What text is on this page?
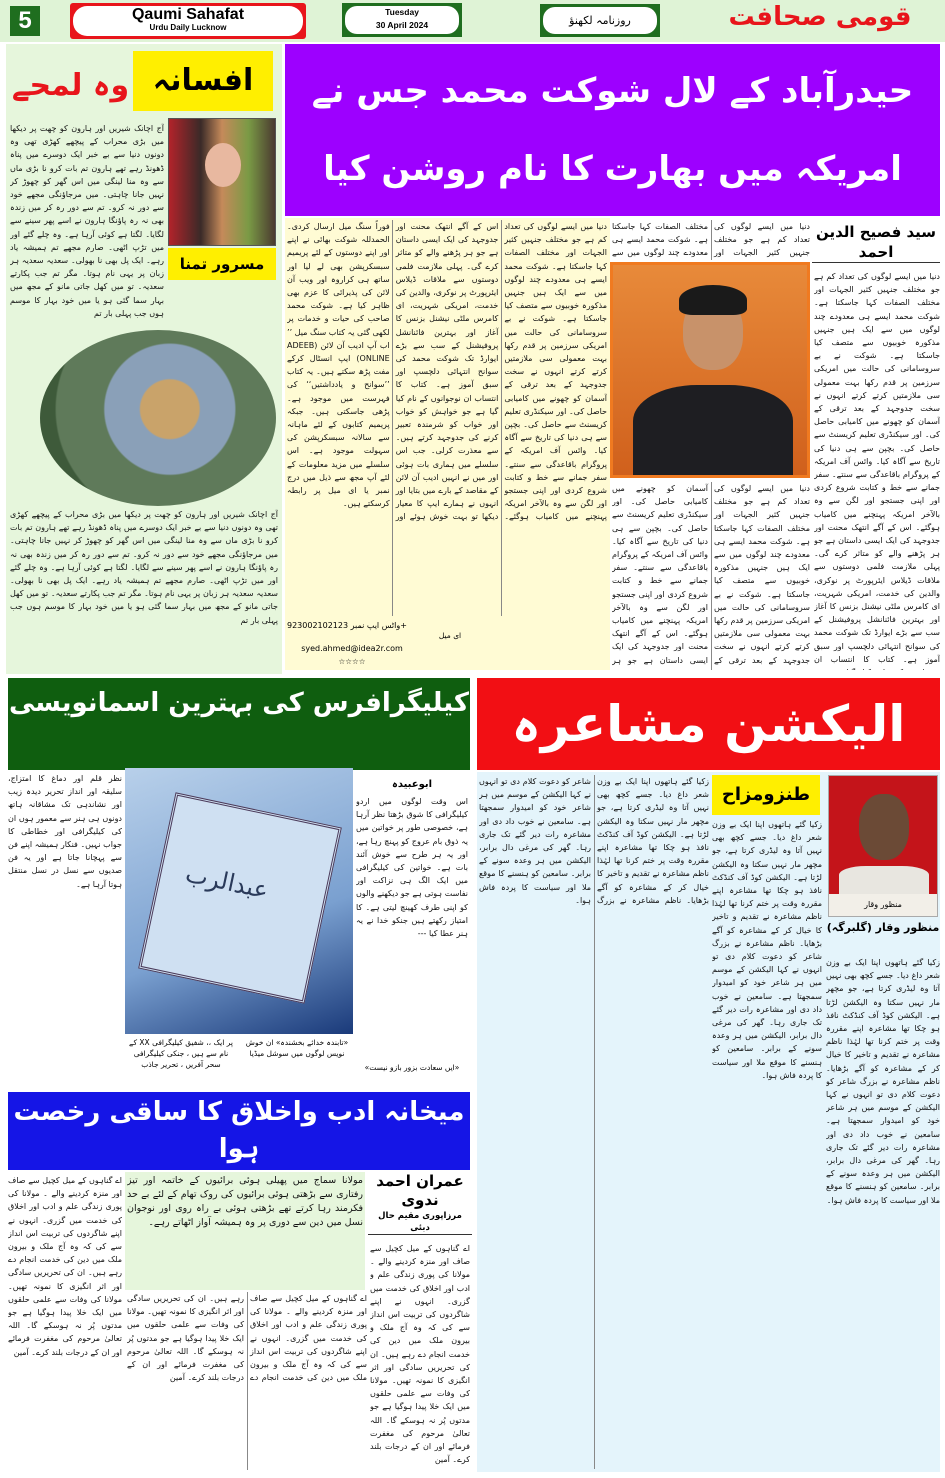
5	Qaumi Sahafat
Urdu Daily Lucknow
Tuesday
30 April 2024	روزنامہ لکھنؤ	قومی صحافت
وہ لمحے افسانہ
مسرور تمنا
آج اچانک شیریں اور ہارون کو چھت پر دیکھا میں بڑی محراب کے پیچھے کھڑی تھی وہ دونوں دنیا سے بے خبر ایک دوسرے میں پناہ ڈھونڈ رہے تھے ہارون تم بات کرو نا بڑی ماں سے وہ منا لینگی میں اس گھر کو چھوڑ کر نہیں جانا چاہتی۔ میں مرجاؤنگی مجھے خود سے دور نہ کرو۔ تم سے دور رہ کر میں زندہ بھی نہ رہ پاؤنگا ہارون نے اسے پھر سینے سے لگایا۔ لگتا ہے کوئی آرہا ہے۔ وہ چلے گئے اور میں تڑپ اٹھی۔ صارم مجھے تم ہمیشہ یاد رہے۔ ایک پل بھی نا بھولی۔ سعدیہ سعدیہ ہر زبان پر یہی نام ہوتا۔ مگر تم جب پکارتے سعدیہ۔ تو میں کھل جاتی مانو کے مجھ میں بہار سما گئی ہو یا میں خود بہار کا موسم ہوں جب پہلی بار تم
آج اچانک شیریں اور ہارون کو چھت پر دیکھا میں بڑی محراب کے پیچھے کھڑی تھی وہ دونوں دنیا سے بے خبر ایک دوسرے میں پناہ ڈھونڈ رہے تھے ہارون تم بات کرو نا بڑی ماں سے وہ منا لینگی میں اس گھر کو چھوڑ کر نہیں جانا چاہتی۔ میں مرجاؤنگی مجھے خود سے دور نہ کرو۔ تم سے دور رہ کر میں زندہ بھی نہ رہ پاؤنگا ہارون نے اسے پھر سینے سے لگایا۔ لگتا ہے کوئی آرہا ہے۔ وہ چلے گئے اور میں تڑپ اٹھی۔ صارم مجھے تم ہمیشہ یاد رہے۔ ایک پل بھی نا بھولی۔ سعدیہ سعدیہ ہر زبان پر یہی نام ہوتا۔ مگر تم جب پکارتے سعدیہ۔ تو میں کھل جاتی مانو کے مجھ میں بہار سما گئی ہو یا میں خود بہار کا موسم ہوں جب پہلی بار تم
حیدرآباد کے لال شوکت محمد جس نے امریکہ میں بھارت کا نام روشن کیا
دنیا میں ایسے لوگوں کی تعداد کم ہے جو مختلف جنہیں کثیر الجہات اور مختلف الصفات کہا جاسکتا ہے۔ شوکت محمد ایسے ہی معدودے چند لوگوں میں سے ایک ہیں جنہیں مذکورہ خوبیوں سے متصف کیا جاسکتا ہے۔ شوکت نے بے سروسامانی کی حالت میں امریکی سرزمین پر قدم رکھا بہت معمولی سی ملازمتیں کرتے کرتے انہوں نے سخت جدوجہد کے بعد ترقی کے آسمان کو چھونے میں کامیابی حاصل کی۔ اور سیکنڈری تعلیم کریسنٹ سے حاصل کی۔ بچپن سے ہی دنیا کی تاریخ سے آگاہ کیا۔ وائس آف امریکہ کے پروگرام باقاعدگی سے سنتے۔ سفر جمانے سے خط و کتابت شروع کردی اور اپنی جستجو اور لگن سے وہ بالآخر امریکہ پہنچنے میں کامیاب ہوگئے۔ اس کے آگے انتھک محنت اور جدوجہد کی ایک ایسی داستان ہے جو ہر پڑھنے والے کو متاثر کرے گی۔ پہلی ملازمت فلمی دوستوں سے ملاقات ڈیلاس ایئرپورٹ پر نوکری، والدین کی خدمت، امریکی شہریت، ای کامرس ملٹی نیشنل بزنس کا آغاز اور بہترین فائنانشل پروفیشنل کے سب سے بڑے ایوارڈ تک شوکت محمد کی سوانح انتہائی دلچسپ اور سبق آموز ہے۔ کتاب کا انتساب ان نوجوانوں کے نام کیا گیا ہے جو خواہش کو خواب اور خواب کو شرمندہ تعبیر کرنے کی جدوجہد کرتے ہیں۔ سے معذرت کرلی۔ جب اس سلسلے میں ہماری بات ہوئی اور میں نے انہیں ادیب آن لائن کے مقاصد کے بارے میں بتایا اور انہوں نے ہمارے ایپ کا معیار دیکھا تو بہت خوش ہوئے اور فوراً سنگ میل ارسال کردی۔ الحمدللہ شوکت بھائی نے اپنے اور اپنے دوستوں کے لئے پریمیم سبسکرپشن بھی لے لیا اور ساتھ ہی کراروہ اور ویب آن لائن کی پذیرائی کا عزم بھی ظاہر کیا ہے۔ شوکت محمد صاحب کی حیات و خدمات پر لکھی گئی یہ کتاب سنگ میل ’’ اب آپ ادیب آن لائن (ADEEB ONLINE) ایپ انسٹال کرکے مفت پڑھ سکتے ہیں۔ یہ کتاب ’’سوانح و یادداشتیں‘‘ کی فہرست میں موجود ہے۔ پڑھی جاسکتی ہیں۔ جبکہ پریمیم کتابوں کے لئے ماہانہ سے سالانہ سبسکرپشن کی سہولت موجود ہے۔ اس سلسلے میں مزید معلومات کے لئے آپ مجھ سے ذیل میں درج نمبر یا ای میل پر رابطہ کرسکتے ہیں۔
واٹس ایپ نمبر 923002102123+
ای میل
syed.ahmed@idea2r.com
☆☆☆☆
دنیا میں ایسے لوگوں کی تعداد کم ہے جو مختلف جنہیں کثیر الجہات اور مختلف الصفات کہا جاسکتا ہے۔ شوکت محمد ایسے ہی معدودے چند لوگوں میں سے
دنیا میں ایسے لوگوں کی تعداد کم ہے جو مختلف جنہیں کثیر الجہات اور مختلف الصفات کہا جاسکتا ہے۔ شوکت محمد ایسے ہی معدودے چند لوگوں میں سے ایک ہیں جنہیں مذکورہ خوبیوں سے متصف کیا جاسکتا ہے۔ شوکت نے بے سروسامانی کی حالت میں امریکی سرزمین پر قدم رکھا بہت معمولی سی ملازمتیں کرتے کرتے انہوں نے سخت جدوجہد کے بعد ترقی کے آسمان کو چھونے میں کامیابی حاصل کی۔ اور سیکنڈری تعلیم کریسنٹ سے حاصل کی۔ بچپن سے ہی دنیا کی تاریخ سے آگاہ کیا۔ وائس آف امریکہ کے پروگرام باقاعدگی سے سنتے۔ سفر جمانے سے خط و کتابت شروع کردی اور اپنی جستجو اور لگن سے وہ بالآخر امریکہ پہنچنے میں کامیاب ہوگئے۔ اس کے آگے انتھک محنت اور جدوجہد کی ایک ایسی داستان ہے جو ہر
سید فصیح الدین احمد
دنیا میں ایسے لوگوں کی تعداد کم ہے جو مختلف جنہیں کثیر الجہات اور مختلف الصفات کہا جاسکتا ہے۔ شوکت محمد ایسے ہی معدودے چند لوگوں میں سے ایک ہیں جنہیں مذکورہ خوبیوں سے متصف کیا جاسکتا ہے۔ شوکت نے بے سروسامانی کی حالت میں امریکی سرزمین پر قدم رکھا بہت معمولی سی ملازمتیں کرتے کرتے انہوں نے سخت جدوجہد کے بعد ترقی کے آسمان کو چھونے میں کامیابی حاصل کی۔ اور سیکنڈری تعلیم کریسنٹ سے حاصل کی۔ بچپن سے ہی دنیا کی تاریخ سے آگاہ کیا۔ وائس آف امریکہ کے پروگرام باقاعدگی سے سنتے۔ سفر جمانے سے خط و کتابت شروع کردی اور اپنی جستجو اور لگن سے وہ بالآخر امریکہ پہنچنے میں کامیاب ہوگئے۔ اس کے آگے انتھک محنت اور جدوجہد کی ایک ایسی داستان ہے جو ہر پڑھنے والے کو متاثر کرے گی۔ پہلی ملازمت فلمی دوستوں سے ملاقات ڈیلاس ایئرپورٹ پر نوکری، والدین کی خدمت، امریکی شہریت، ای کامرس ملٹی نیشنل بزنس کا آغاز اور بہترین فائنانشل پروفیشنل کے سب سے بڑے ایوارڈ تک شوکت محمد کی سوانح انتہائی دلچسپ اور سبق آموز ہے۔ کتاب کا انتساب ان
کیلیگرافرس کی بہترین اسمانویسی
نظر قلم اور دماغ کا امتزاج، سلیقہ اور انداز تحریر دیدہ زیب اور نشاندہی تک مشاقانہ ہاتھ دونوں ہی ہنر سے معمور ہوں ان کی کیلیگرافی اور خطاطی کا جواب نہیں۔ فنکار ہمیشہ اپنے فن سے پہچانا جاتا ہے اور یہ فن صدیوں سے نسل در نسل منتقل ہوتا آرہا ہے۔	عبدالرب
ابوعبیدہ
اس وقت لوگوں میں اردو کیلیگرافی کا شوق بڑھتا نظر آرہا ہے، خصوصی طور پر خواتین میں یہ ذوق بام عروج کو پہنچ رہا ہے، اور یہ ہر طرح سے خوش آئند بات ہے۔ خواتین کی کیلیگرافی میں ایک الگ ہی نزاکت اور نفاست ہوتی ہے جو دیکھنے والوں کو اپنی طرف کھینچ لیتی ہے۔ کا امتیاز رکھتے ہیں جنکو خدا نے یہ ہنر عطا کیا ---
پر ایک ،، شفیق کیلیگرافی XX کے نام سے ہیں ، جنکی کیلیگرافی سحر آفریں ، تحریر جاذب
«تابندہ خدائے بخشندہ» ان خوش نویس لوگوں میں سوشل میڈیا
«ایں سعادت بزور بازو نیست»
الیکشن مشاعرہ
زکیا گئے ہاتھوں اپنا ایک بے وزن شعر داغ دیا۔ جسے کچھ بھی نہیں آتا وہ لیڈری کرتا ہے، جو مچھر مار نہیں سکتا وہ الیکشن لڑتا ہے۔ الیکشن کوڈ آف کنڈکٹ نافذ ہو چکا تھا مشاعرہ اپنے مقررہ وقت پر ختم کرنا تھا لہٰذا ناظم مشاعرہ نے تقدیم و تاخیر کا خیال کر کے مشاعرہ کو آگے بڑھایا۔ ناظم مشاعرہ نے بزرگ شاعر کو دعوت کلام دی تو انہوں نے کہا الیکشن کے موسم میں ہر شاعر خود کو امیدوار سمجھتا ہے۔ سامعین نے خوب داد دی اور مشاعرہ رات دیر گئے تک جاری رہا۔ گھر کی مرغی دال برابر، الیکشن میں ہر وعدہ سونے کے برابر۔ سامعین کو ہنسنے کا موقع ملا اور سیاست کا پردہ فاش ہوا۔
طنزومزاح
زکیا گئے ہاتھوں اپنا ایک بے وزن شعر داغ دیا۔ جسے کچھ بھی نہیں آتا وہ لیڈری کرتا ہے، جو مچھر مار نہیں سکتا وہ الیکشن لڑتا ہے۔ الیکشن کوڈ آف کنڈکٹ نافذ ہو چکا تھا مشاعرہ اپنے مقررہ وقت پر ختم کرنا تھا لہٰذا ناظم مشاعرہ نے تقدیم و تاخیر کا خیال کر کے مشاعرہ کو آگے بڑھایا۔ ناظم مشاعرہ نے بزرگ شاعر کو دعوت کلام دی تو انہوں نے کہا الیکشن کے موسم میں ہر شاعر خود کو امیدوار سمجھتا ہے۔ سامعین نے خوب داد دی اور مشاعرہ رات دیر گئے تک جاری رہا۔ گھر کی مرغی دال برابر، الیکشن میں ہر وعدہ سونے کے برابر۔ سامعین کو ہنسنے کا موقع ملا اور سیاست کا پردہ فاش ہوا۔
منظور وقار
منظور وقار (گلبرگہ)
زکیا گئے ہاتھوں اپنا ایک بے وزن شعر داغ دیا۔ جسے کچھ بھی نہیں آتا وہ لیڈری کرتا ہے، جو مچھر مار نہیں سکتا وہ الیکشن لڑتا ہے۔ الیکشن کوڈ آف کنڈکٹ نافذ ہو چکا تھا مشاعرہ اپنے مقررہ وقت پر ختم کرنا تھا لہٰذا ناظم مشاعرہ نے تقدیم و تاخیر کا خیال کر کے مشاعرہ کو آگے بڑھایا۔ ناظم مشاعرہ نے بزرگ شاعر کو دعوت کلام دی تو انہوں نے کہا الیکشن کے موسم میں ہر شاعر خود کو امیدوار سمجھتا ہے۔ سامعین نے خوب داد دی اور مشاعرہ رات دیر گئے تک جاری رہا۔ گھر کی مرغی دال برابر، الیکشن میں ہر وعدہ سونے کے برابر۔ سامعین کو ہنسنے کا موقع ملا اور سیاست کا پردہ فاش ہوا۔
میخانہ ادب واخلاق کا ساقی رخصت ہوا
اے گناہوں کے میل کچیل سے صاف اور منزہ کردینے والے ۔ مولانا کی پوری زندگی علم و ادب اور اخلاق کی خدمت میں گزری۔ انہوں نے اپنے شاگردوں کی تربیت اس انداز سے کی کہ وہ آج ملک و بیرون ملک میں دین کی خدمت انجام دے رہے ہیں۔ ان کی تحریریں سادگی اور اثر انگیزی کا نمونہ تھیں۔ مولانا کی وفات سے علمی حلقوں میں ایک خلا پیدا ہوگیا ہے جو مدتوں پُر نہ ہوسکے گا۔ اللہ تعالیٰ مرحوم کی مغفرت فرمائے اور ان کے درجات بلند کرے۔ آمین
مولانا سماج میں پھیلی ہوئی برائیوں کے خاتمہ اور تیز رفتاری سے بڑھتی ہوئی برائیوں کی روک تھام کے لئے بے حد فکرمند رہا کرتے تھے بڑھتی ہوئی بے راہ روی اور نوجوان نسل میں دین سے دوری پر وہ ہمیشہ آواز اٹھاتے رہے۔
عمران احمد ندوی
مرزاپوری مقیم حال دبئی
اے گناہوں کے میل کچیل سے صاف اور منزہ کردینے والے ۔ مولانا کی پوری زندگی علم و ادب اور اخلاق کی خدمت میں گزری۔ انہوں نے اپنے شاگردوں کی تربیت اس انداز سے کی کہ وہ آج ملک و بیرون ملک میں دین کی خدمت انجام دے رہے ہیں۔ ان کی تحریریں سادگی اور اثر انگیزی کا نمونہ تھیں۔ مولانا کی وفات سے علمی حلقوں میں ایک خلا پیدا ہوگیا ہے جو مدتوں پُر نہ ہوسکے گا۔ اللہ تعالیٰ مرحوم کی مغفرت فرمائے اور ان کے درجات بلند کرے۔ آمین
اے گناہوں کے میل کچیل سے صاف اور منزہ کردینے والے ۔ مولانا کی پوری زندگی علم و ادب اور اخلاق کی خدمت میں گزری۔ انہوں نے اپنے شاگردوں کی تربیت اس انداز سے کی کہ وہ آج ملک و بیرون ملک میں دین کی خدمت انجام دے رہے ہیں۔ ان کی تحریریں سادگی اور اثر انگیزی کا نمونہ تھیں۔ مولانا کی وفات سے علمی حلقوں میں ایک خلا پیدا ہوگیا ہے جو مدتوں پُر نہ ہوسکے گا۔ اللہ تعالیٰ مرحوم کی مغفرت فرمائے اور ان کے درجات بلند کرے۔ آمین
